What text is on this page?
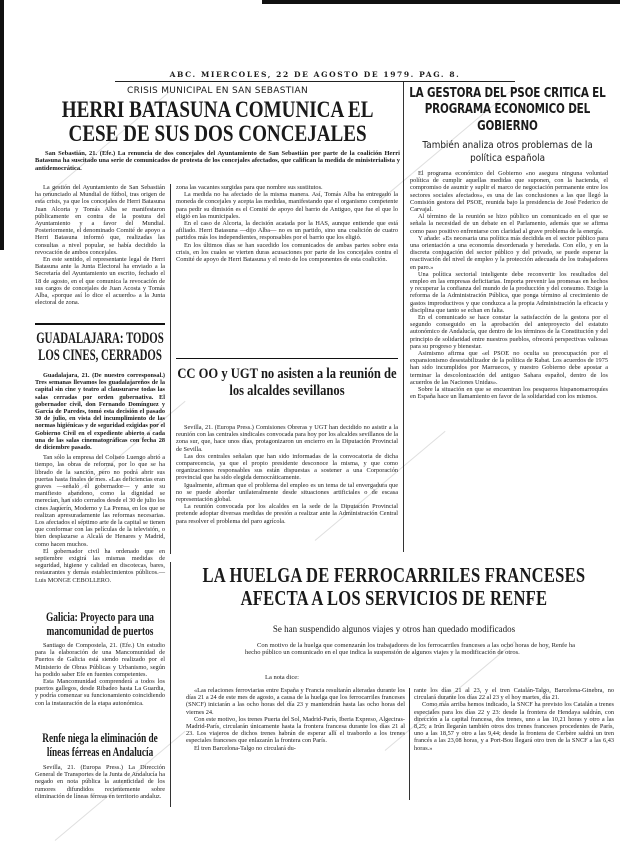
ABC. MIERCOLES, 22 DE AGOSTO DE 1979. PAG. 8.
CRISIS MUNICIPAL EN SAN SEBASTIAN
HERRI BATASUNA COMUNICA EL CESE DE SUS DOS CONCEJALES
San Sebastián, 21. (Efe.) La renuncia de dos concejales del Ayuntamiento de San Sebastián por parte de la coalición Herri Batasuna ha suscitado una serie de comunicados de protesta de los concejales afectados, que califican la medida de ministerialista y antidemocrática.

La gestión del Ayuntamiento de San Sebastián ha renunciado al Mundial de fútbol, tras origen de esta crisis, ya que los concejales de Herri Batasuna Juan Alcorta y Tomás Alba se manifestaron públicamente en contra de la postura del Ayuntamiento y a favor del Mundial. Posteriormente, el denominado Comité de apoyo a Herri Batasuna informó que, realizadas las consultas a nivel popular, se había decidido la revocación de ambos concejales.

En este sentido, el representante legal de Herri Batasuna ante la Junta Electoral ha enviado a la Secretaría del Ayuntamiento un escrito, fechado el 18 de agosto, en el que comunica la revocación de sus cargos de concejales de Juan Acosta y Tomás Alba, «porque así lo dice el acuerdo» a la Junta electoral de zona.

zona las vacantes surgidas para que nombre sus sustitutos.

La medida no ha afectado de la misma manera. Así, Tomás Alba ha entregado la moneda de concejales y acepta las medidas, manifestando que el organismo competente para pedir su dimisión es el Comité de apoyo del barrio de Antiguo, que fue el que lo eligió en las municipales.

En el caso de Alcorta, la decisión acatada por la HAS, aunque entiende que está afiliado. Herri Batasuna —dijo Alba— no es un partido, sino una coalición de cuatro partidos más los independientes, responsables por el barrio que los eligió.

En los últimos días se han sucedido los comunicados de ambas partes sobre esta crisis, en los cuales se vierten duras acusaciones por parte de los concejales contra el Comité de apoyo de Herri Batasuna y el resto de los componentes de esta coalición.

GUADALAJARA: TODOS LOS CINES, CERRADOS

Guadalajara, 21. (De nuestro corresponsal.) Tres semanas llevamos los guadalajareños de la capital sin cine y teatro al clausurarse todas las salas cerradas por orden gubernativa. El gobernador civil, don Fernando Domínguez y García de Paredes, tomó esta decisión el pasado 30 de julio, en vista del incumplimiento de las normas higiénicas y de seguridad exigidas por el Gobierno Civil en el expediente abierto a cada una de las salas cinematográficas con fecha 28 de diciembre pasado.

Tan sólo la empresa del Coliseo Luengo abrió a tiempo, las obras de reforma, por lo que se ha librado de la sanción, pero no podrá abrir sus puertas hasta finales de mes. «Las deficiencias eran graves —señaló el gobernador— y ante su manifiesto abandono, como la dignidad se merecían, han sido cerrados desde el 30 de julio los cines Jaquerín, Moderno y La Prensa, en los que se realizan apresuradamente las reformas necesarias. Los afectados el séptimo arte de la capital se tienen que conformar con las películas de la televisión, o bien desplazarse a Alcalá de Henares y Madrid, como hacen muchos.

El gobernador civil ha ordenado que en septiembre exigirá las mismas medidas de seguridad, higiene y calidad en discotecas, bares, restaurantes y demás establecimientos públicos.—Luis MONGE CEBOLLERO.

Galicia: Proyecto para una mancomunidad de puertos

Santiago de Compostela, 21. (Efe.) Un estudio para la elaboración de una Mancomunidad de Puertos de Galicia está siendo realizado por el Ministerio de Obras Públicas y Urbanismo, según ha podido saber Efe en fuentes competentes.

Esta Mancomunidad comprenderá a todos los puertos gallegos, desde Ribadeo hasta La Guardia, y podría comenzar su funcionamiento coincidiendo con la instauración de la etapa autonómica.

Renfe niega la eliminación de líneas férreas en Andalucía

Sevilla, 21. (Europa Press.) La Dirección General de Transportes de la Junta de Andalucía ha negado en nota pública la autenticidad de los rumores difundidos recientemente sobre eliminación de líneas férreas en territorio andaluz.

CC OO y UGT no asisten a la reunión de los alcaldes sevillanos

Sevilla, 21. (Europa Press.) Comisiones Obreras y UGT han decidido no asistir a la reunión con las centrales sindicales convocada para hoy por los alcaldes sevillanos de la zona sur, que, hace unos días, protagonizaron un encierro en la Diputación Provincial de Sevilla.

Las dos centrales señalan que han sido informadas de la convocatoria de dicha comparecencia, ya que el propio presidente desconoce la misma, y que como organizaciones responsables sus están dispuestas a sostener a una Corporación provincial que ha sido elegida democráticamente.

Igualmente, afirman que el problema del empleo es un tema de tal envergadura que no se puede abordar unilateralmente desde situaciones artificiales o de escasa representación global.

La reunión convocada por los alcaldes en la sede de la Diputación Provincial pretende adoptar diversas medidas de presión a realizar ante la Administración Central para resolver el problema del paro agrícola.

LA GESTORA DEL PSOE CRITICA EL PROGRAMA ECONOMICO DEL GOBIERNO
También analiza otros problemas de la política española

El programa económico del Gobierno «no asegura ninguna voluntad política de cumplir aquellas medidas que suponen, con la hacienda, el compromiso de asumir y suplir el marco de negociación permanente entre los sectores sociales afectados», es una de las conclusiones a las que llegó la Comisión gestora del PSOE, reunida bajo la presidencia de José Federico de Carvajal.

Al término de la reunión se hizo público un comunicado en el que se señala la necesidad de un debate en el Parlamento, además que se afirma como paso positivo enfrentarse con claridad al grave problema de la energía.

Y añade: «Es necesaria una política más decidida en el sector público para una orientación a una economía desordenada y heredada. Con ello, y en la discreta conjugación del sector público y del privado, se puede esperar la reactivación del nivel de empleo y la protección adecuada de los trabajadores en paro.»

Una política sectorial inteligente debe reconvertir los resultados del empleo en las empresas deficitarias. Importa prevenir las promesas en hechos y recuperar la confianza del mundo de la producción y del consumo. Exige la reforma de la Administración Pública, que ponga término al crecimiento de gastos improductivos y que conduzca a la propia Administración la eficacia y disciplina que tanto se echan en falta.

En el comunicado se hace constar la satisfacción de la gestora por el segundo conseguido en la aprobación del anteproyecto del estatuto autonómico de Andalucía, que dentro de los términos de la Constitución y del principio de solidaridad entre nuestros pueblos, ofrecerá perspectivas valiosas para su progreso y bienestar.

Asimismo afirma que «el PSOE no oculta su preocupación por el expansionismo desestabilizador de la política de Rabat. Los acuerdos de 1975 han sido incumplidos por Marruecos, y nuestro Gobierno debe apostar a terminar la descolonización del antiguo Sahara español, dentro de los acuerdos de las Naciones Unidas».

Sobre la situación en que se encuentran los pesqueros hispanomarroquíes en España hace un llamamiento en favor de la solidaridad con los mismos.

LA HUELGA DE FERROCARRILES FRANCESES AFECTA A LOS SERVICIOS DE RENFE
Se han suspendido algunos viajes y otros han quedado modificados
Con motivo de la huelga que comenzarán los trabajadores de los ferrocarriles franceses a las ocho horas de hoy, Renfe ha hecho público un comunicado en el que indica la suspensión de algunos viajes y la modificación de otros.
La nota dice:

«Las relaciones ferroviarias entre España y Francia resultarán alteradas durante los días 21 a 24 de este mes de agosto, a causa de la huelga que los ferrocarriles franceses (SNCF) iniciarán a las ocho horas del día 23 y mantendrán hasta las ocho horas del viernes 24.

Con este motivo, los trenes Puerta del Sol, Madrid-París, Iberia Expreso, Algeciras-Madrid-París, circularán únicamente hasta la frontera francesa durante los días 21 al 23. Los viajeros de dichos trenes habrán de esperar allí el trasbordo a los trenes especiales franceses que enlazarán la frontera con París.

El tren Barcelona-Talgo no circulará du-

rante los días 21 al 23, y el tren Catalán-Talgo, Barcelona-Ginebra, no circulará durante los días 22 al 23 y el hoy martes, día 21.

Como más arriba hemos indicado, la SNCF ha previsto los Catalán a trenes especiales para los días 22 y 23: desde la frontera de Hendaya saldrán, con dirección a la capital francesa, dos trenes, uno a las 10,21 horas y otro a las 8,25; a Irún llegarán también otros dos trenes franceses procedentes de París, uno a las 18,57 y otro a las 9,44; desde la frontera de Cerbère saldrá un tren francés a las 23,08 horas, y a Port-Bou llegará otro tren de la SNCF a las 6,43 horas.»
